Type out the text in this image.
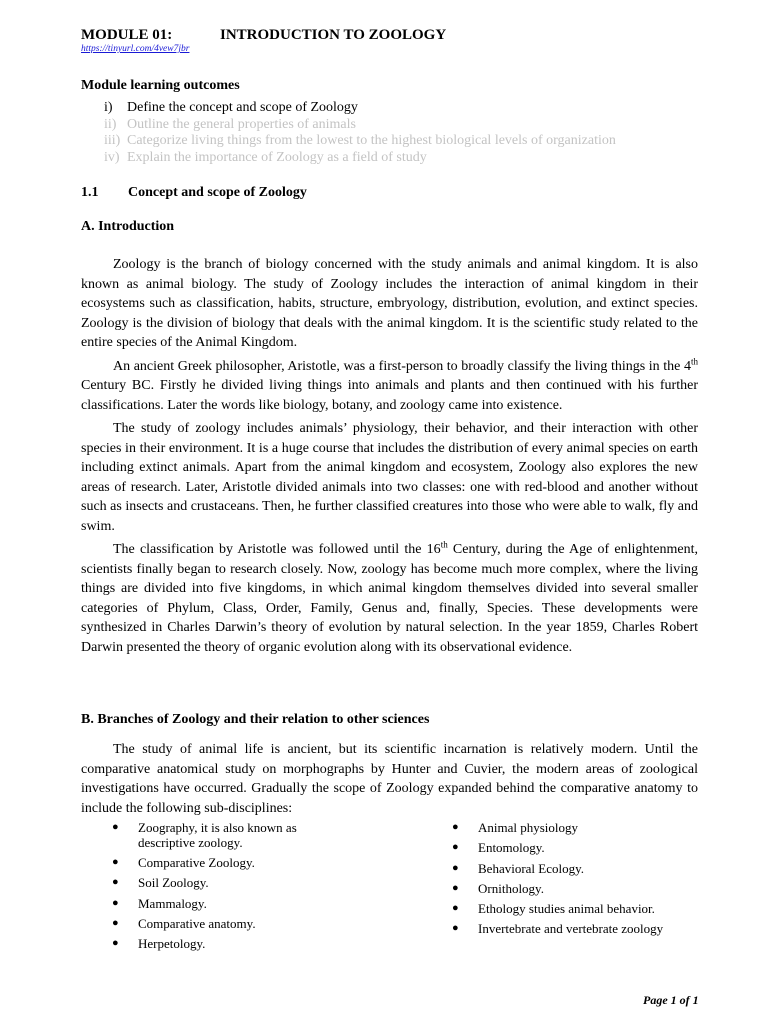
MODULE 01:	INTRODUCTION TO ZOOLOGY
https://tinyurl.com/4vew7jbr
Module learning outcomes
i) Define the concept and scope of Zoology
ii) Outline the general properties of animals
iii) Categorize living things from the lowest to the highest biological levels of organization
iv) Explain the importance of Zoology as a field of study
1.1 Concept and scope of Zoology
A. Introduction

Zoology is the branch of biology concerned with the study animals and animal kingdom. It is also known as animal biology. The study of Zoology includes the interaction of animal kingdom in their ecosystems such as classification, habits, structure, embryology, distribution, evolution, and extinct species. Zoology is the division of biology that deals with the animal kingdom. It is the scientific study related to the entire species of the Animal Kingdom.

An ancient Greek philosopher, Aristotle, was a first-person to broadly classify the living things in the 4th Century BC. Firstly he divided living things into animals and plants and then continued with his further classifications. Later the words like biology, botany, and zoology came into existence.

The study of zoology includes animals’ physiology, their behavior, and their interaction with other species in their environment. It is a huge course that includes the distribution of every animal species on earth including extinct animals. Apart from the animal kingdom and ecosystem, Zoology also explores the new areas of research. Later, Aristotle divided animals into two classes: one with red-blood and another without such as insects and crustaceans. Then, he further classified creatures into those who were able to walk, fly and swim.

The classification by Aristotle was followed until the 16th Century, during the Age of enlightenment, scientists finally began to research closely. Now, zoology has become much more complex, where the living things are divided into five kingdoms, in which animal kingdom themselves divided into several smaller categories of Phylum, Class, Order, Family, Genus and, finally, Species. These developments were synthesized in Charles Darwin’s theory of evolution by natural selection. In the year 1859, Charles Robert Darwin presented the theory of organic evolution along with its observational evidence.

B. Branches of Zoology and their relation to other sciences

The study of animal life is ancient, but its scientific incarnation is relatively modern. Until the comparative anatomical study on morphographs by Hunter and Cuvier, the modern areas of zoological investigations have occurred. Gradually the scope of Zoology expanded behind the comparative anatomy to include the following sub-disciplines:

● Zoography, it is also known as descriptive zoology.
● Comparative Zoology.
● Soil Zoology.
● Mammalogy.
● Comparative anatomy.
● Herpetology.
● Animal physiology
● Entomology.
● Behavioral Ecology.
● Ornithology.
● Ethology studies animal behavior.
● Invertebrate and vertebrate zoology
Page 1 of 1
